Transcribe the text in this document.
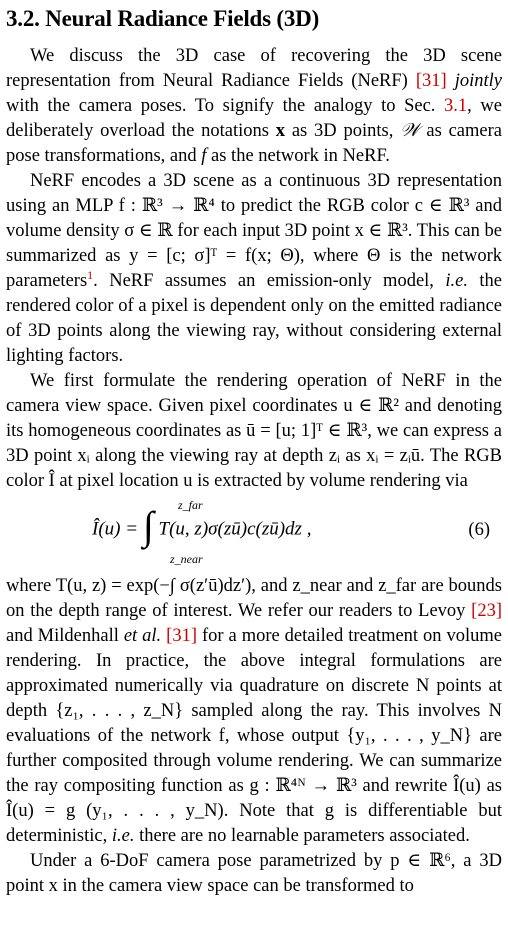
3.2. Neural Radiance Fields (3D)

We discuss the 3D case of recovering the 3D scene representation from Neural Radiance Fields (NeRF) [31] jointly with the camera poses. To signify the analogy to Sec. 3.1, we deliberately overload the notations x as 3D points, 𝒲 as camera pose transformations, and f as the network in NeRF.

NeRF encodes a 3D scene as a continuous 3D representation using an MLP f : ℝ³ → ℝ⁴ to predict the RGB color c ∈ ℝ³ and volume density σ ∈ ℝ for each input 3D point x ∈ ℝ³. This can be summarized as y = [c; σ]ᵀ = f(x; Θ), where Θ is the network parameters$^1$. NeRF assumes an emission-only model, i.e. the rendered color of a pixel is dependent only on the emitted radiance of 3D points along the viewing ray, without considering external lighting factors.

We first formulate the rendering operation of NeRF in the camera view space. Given pixel coordinates u ∈ ℝ² and denoting its homogeneous coordinates as ū = [u; 1]ᵀ ∈ ℝ³, we can express a 3D point xᵢ along the viewing ray at depth zᵢ as xᵢ = zᵢū. The RGB color Î at pixel location u is extracted by volume rendering via

Î(u) = ∫ T(u, z)σ(zū)c(zū)dz ,
z_far
z_near
(6)

where T(u, z) = exp(−∫ σ(z′ū)dz′), and z_near and z_far are bounds on the depth range of interest. We refer our readers to Levoy [23] and Mildenhall et al. [31] for a more detailed treatment on volume rendering. In practice, the above integral formulations are approximated numerically via quadrature on discrete N points at depth {z₁, . . . , z_N} sampled along the ray. This involves N evaluations of the network f, whose output {y₁, . . . , y_N} are further composited through volume rendering. We can summarize the ray compositing function as g : ℝ⁴ᴺ → ℝ³ and rewrite Î(u) as Î(u) = g (y₁, . . . , y_N). Note that g is differentiable but deterministic, i.e. there are no learnable parameters associated.

Under a 6-DoF camera pose parametrized by p ∈ ℝ⁶, a 3D point x in the camera view space can be transformed to
